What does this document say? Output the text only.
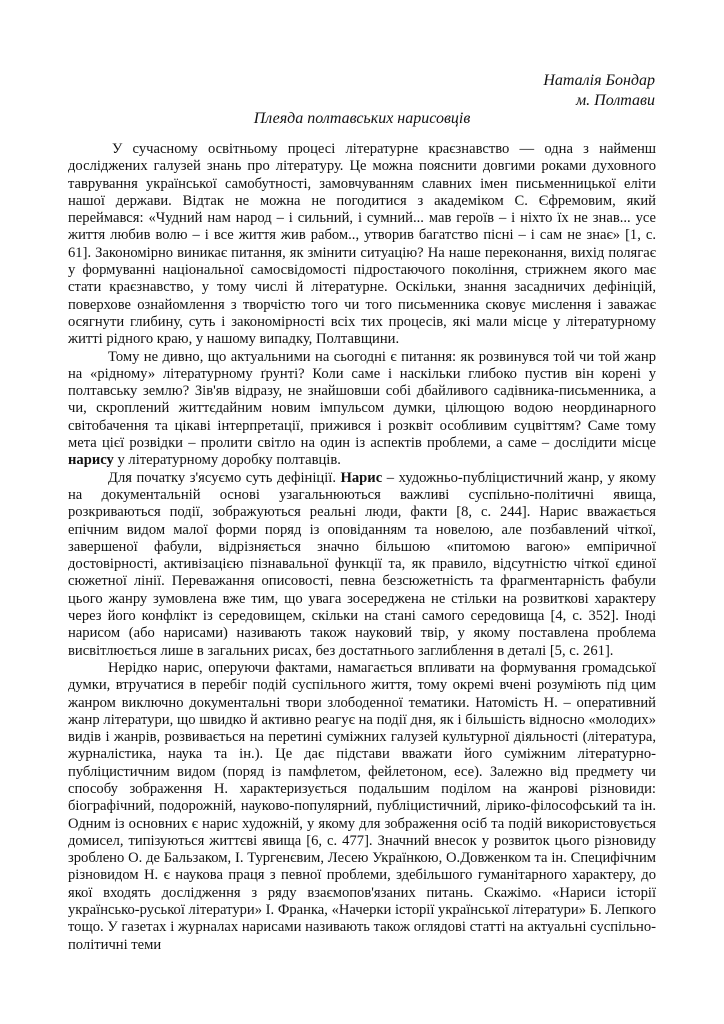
Наталія Бондар
м. Полтави
Плеяда полтавських нарисовців

У сучасному освітньому процесі літературне краєзнавство — одна з найменш досліджених галузей знань про літературу. Це можна пояснити довгими роками духовного таврування української самобутності, замовчуванням славних імен письменницької еліти нашої держави. Відтак не можна не погодитися з академіком С. Єфремовим, який переймався: «Чудний нам народ – і сильний, і сумний... мав героїв – і ніхто їх не знав... усе життя любив волю – і все життя жив рабом.., утворив багатство пісні – і сам не знає» [1, с. 61]. Закономірно виникає питання, як змінити ситуацію? На наше переконання, вихід полягає у формуванні національної самосвідомості підростаючого покоління, стрижнем якого має стати краєзнавство, у тому числі й літературне. Оскільки, знання засадничих дефініцій, поверхове ознайомлення з творчістю того чи того письменника сковує мислення і заважає осягнути глибину, суть і закономірності всіх тих процесів, які мали місце у літературному житті рідного краю, у нашому випадку, Полтавщини.

Тому не дивно, що актуальними на сьогодні є питання: як розвинувся той чи той жанр на «рідному» літературному ґрунті? Коли саме і наскільки глибоко пустив він корені у полтавську землю? Зів'яв відразу, не знайшовши собі дбайливого садівника-письменника, а чи, скроплений життєдайним новим імпульсом думки, цілющою водою неординарного світобачення та цікаві інтерпретації, прижився і розквіт особливим суцвіттям? Саме тому мета цієї розвідки – пролити світло на один із аспектів проблеми, а саме – дослідити місце нарису у літературному доробку полтавців.

Для початку з'ясуємо суть дефініції. Нарис – художньо-публіцистичний жанр, у якому на документальній основі узагальнюються важливі суспільно-політичні явища, розкриваються події, зображуються реальні люди, факти [8, с. 244]. Нарис вважається епічним видом малої форми поряд із оповіданням та новелою, але позбавлений чіткої, завершеної фабули, відрізняється значно більшою «питомою вагою» емпіричної достовірності, активізацією пізнавальної функції та, як правило, відсутністю чіткої єдиної сюжетної лінії. Переважання описовості, певна безсюжетність та фрагментарність фабули цього жанру зумовлена вже тим, що увага зосереджена не стільки на розвитковi характеру через його конфлікт із середовищем, скільки на стані самого середовища [4, с. 352]. Іноді нарисом (або нарисами) називають також науковий твір, у якому поставлена проблема висвітлюється лише в загальних рисах, без достатнього заглиблення в деталі [5, с. 261].

Нерідко нарис, оперуючи фактами, намагається впливати на формування громадської думки, втручатися в перебіг подій суспільного життя, тому окремі вчені розуміють під цим жанром виключно документальні твори злободенної тематики. Натомість Н. – оперативний жанр літератури, що швидко й активно реагує на події дня, як і більшість відносно «молодих» видів і жанрів, розвивається на перетині суміжних галузей культурної діяльності (література, журналістика, наука та ін.). Це дає підстави вважати його суміжним літературно-публіцистичним видом (поряд із памфлетом, фейлетоном, есе). Залежно від предмету чи способу зображення Н. характеризується подальшим поділом на жанрові різновиди: біографічний, подорожній, науково-популярний, публіцистичний, лірико-філософський та ін. Одним із основних є нарис художній, у якому для зображення осіб та подій використовується домисел, типізуються життєві явища [6, с. 477]. Значний внесок у розвиток цього різновиду зроблено О. де Бальзаком, І. Тургенєвим, Лесею Українкою, О.Довженком та ін. Специфічним різновидом Н. є наукова праця з певної проблеми, здебільшого гуманітарного характеру, до якої входять дослідження з ряду взаємопов'язаних питань. Скажімо. «Нариси історії українсько-руської літератури» І. Франка, «Начерки історії української літератури» Б. Лепкого тощо. У газетах і журналах нарисами називають також оглядові статті на актуальні суспільно-політичні теми
